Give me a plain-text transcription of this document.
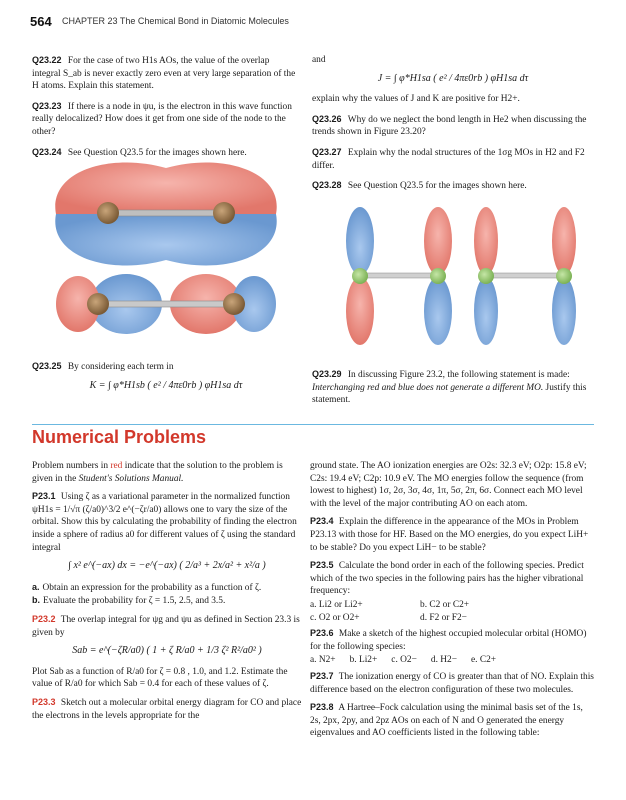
564 CHAPTER 23 The Chemical Bond in Diatomic Molecules
Q23.22 For the case of two H1s AOs, the value of the overlap integral S_ab is never exactly zero even at very large separation of the H atoms. Explain this statement.
Q23.23 If there is a node in ψu, is the electron in this wave function really delocalized? How does it get from one side of the node to the other?
Q23.24 See Question Q23.5 for the images shown here.
Q23.25 By considering each term in
K = ∫ φ*H1sb ( e² / 4πε0rb ) φH1sa dτ
and
J = ∫ φ*H1sa ( e² / 4πε0rb ) φH1sa dτ
explain why the values of J and K are positive for H2+.
Q23.26 Why do we neglect the bond length in He2 when discussing the trends shown in Figure 23.20?
Q23.27 Explain why the nodal structures of the 1σg MOs in H2 and F2 differ.
Q23.28 See Question Q23.5 for the images shown here.
Q23.29 In discussing Figure 23.2, the following statement is made: Interchanging red and blue does not generate a different MO. Justify this statement.
Numerical Problems
Problem numbers in red indicate that the solution to the problem is given in the Student's Solutions Manual.
P23.1 Using ζ as a variational parameter in the normalized function ψH1s = 1/√π (ζ/a0)^3/2 e^(−ζr/a0) allows one to vary the size of the orbital. Show this by calculating the probability of finding the electron inside a sphere of radius a0 for different values of ζ using the standard integral
∫ x² e^(−ax) dx = −e^(−ax) ( 2/a³ + 2x/a² + x²/a )
a. Obtain an expression for the probability as a function of ζ.
b. Evaluate the probability for ζ = 1.5, 2.5, and 3.5.
P23.2 The overlap integral for ψg and ψu as defined in Section 23.3 is given by
Sab = e^(−ζR/a0) ( 1 + ζ R/a0 + 1/3 ζ² R²/a0² )
Plot Sab as a function of R/a0 for ζ = 0.8 , 1.0, and 1.2. Estimate the value of R/a0 for which Sab = 0.4 for each of these values of ζ.
P23.3 Sketch out a molecular orbital energy diagram for CO and place the electrons in the levels appropriate for the
ground state. The AO ionization energies are O2s: 32.3 eV; O2p: 15.8 eV; C2s: 19.4 eV; C2p: 10.9 eV. The MO energies follow the sequence (from lowest to highest) 1σ, 2σ, 3σ, 4σ, 1π, 5σ, 2π, 6σ. Connect each MO level with the level of the major contributing AO on each atom.
P23.4 Explain the difference in the appearance of the MOs in Problem P23.13 with those for HF. Based on the MO energies, do you expect LiH+ to be stable? Do you expect LiH− to be stable?
P23.5 Calculate the bond order in each of the following species. Predict which of the two species in the following pairs has the higher vibrational frequency:
a. Li2 or Li2+	b. C2 or C2+
c. O2 or O2+	d. F2 or F2−
P23.6 Make a sketch of the highest occupied molecular orbital (HOMO) for the following species:
a. N2+ b. Li2+ c. O2− d. H2− e. C2+
P23.7 The ionization energy of CO is greater than that of NO. Explain this difference based on the electron configuration of these two molecules.
P23.8 A Hartree–Fock calculation using the minimal basis set of the 1s, 2s, 2px, 2py, and 2pz AOs on each of N and O generated the energy eigenvalues and AO coefficients listed in the following table:
